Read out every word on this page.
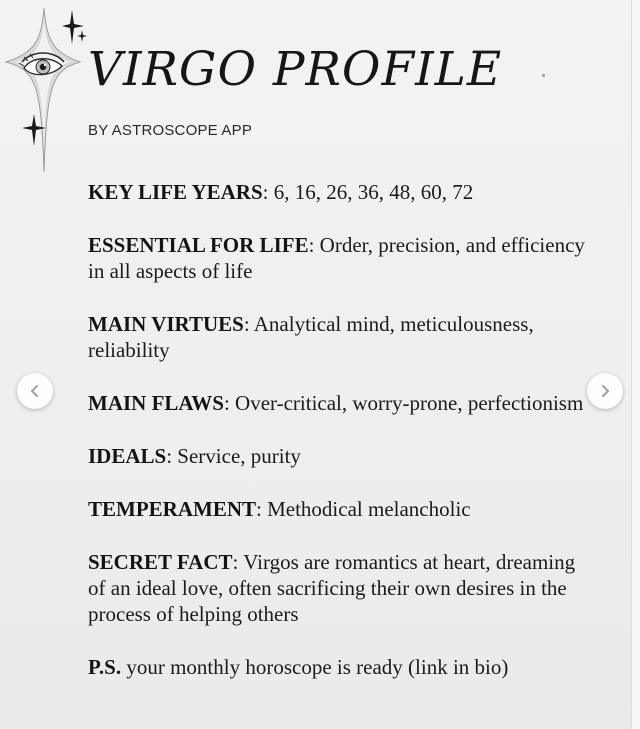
VIRGO PROFILE
BY ASTROSCOPE APP
KEY LIFE YEARS: 6, 16, 26, 36, 48, 60, 72
ESSENTIAL FOR LIFE: Order, precision, and efficiency in all aspects of life
MAIN VIRTUES: Analytical mind, meticulousness, reliability
MAIN FLAWS: Over-critical, worry-prone, perfectionism
IDEALS: Service, purity
TEMPERAMENT: Methodical melancholic
SECRET FACT: Virgos are romantics at heart, dreaming of an ideal love, often sacrificing their own desires in the process of helping others
P.S. your monthly horoscope is ready (link in bio)
